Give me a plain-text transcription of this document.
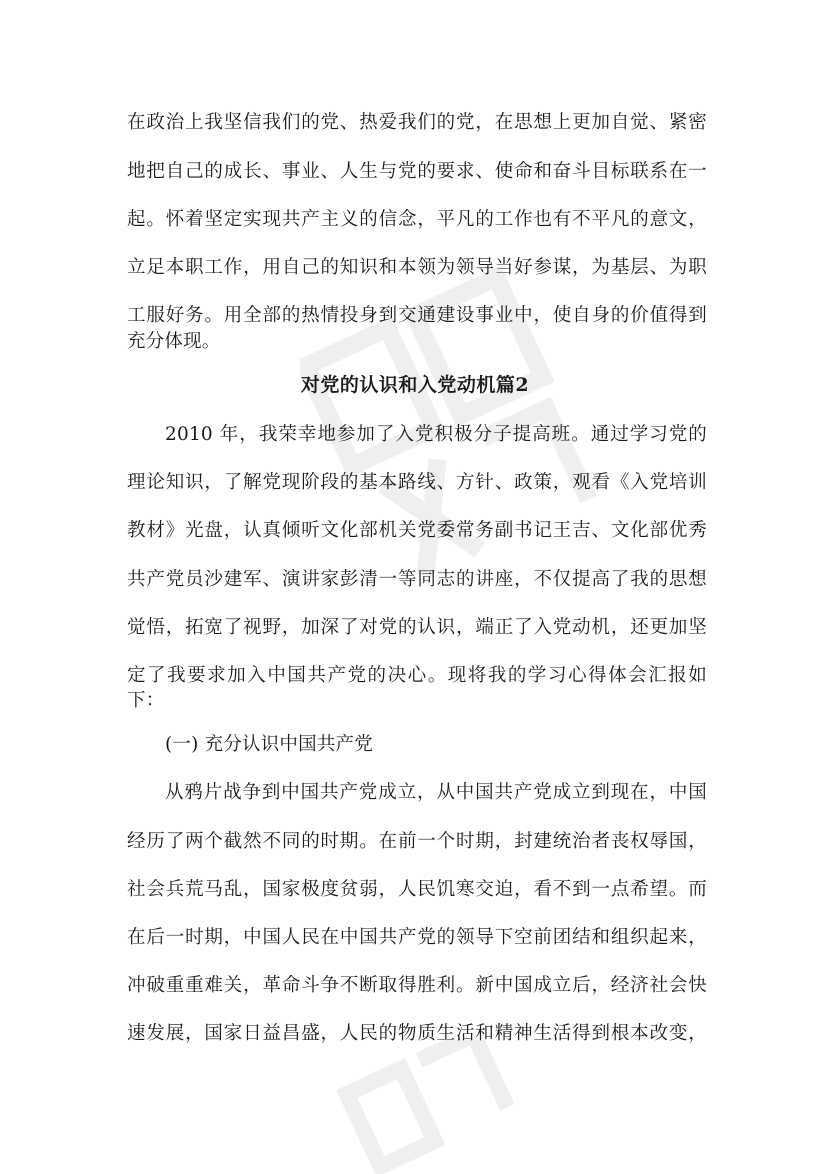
在政治上我坚信我们的党、热爱我们的党，在思想上更加自觉、紧密
地把自己的成长、事业、人生与党的要求、使命和奋斗目标联系在一
起。怀着坚定实现共产主义的信念，平凡的工作也有不平凡的意文，
立足本职工作，用自己的知识和本领为领导当好参谋，为基层、为职
工服好务。用全部的热情投身到交通建设事业中，使自身的价值得到
充分体现。
对党的认识和入党动机篇2
2010 年，我荣幸地参加了入党积极分子提高班。通过学习党的
理论知识，了解党现阶段的基本路线、方针、政策，观看《入党培训
教材》光盘，认真倾听文化部机关党委常务副书记王吉、文化部优秀
共产党员沙建军、演讲家彭清一等同志的讲座，不仅提高了我的思想
觉悟，拓宽了视野，加深了对党的认识，端正了入党动机，还更加坚
定了我要求加入中国共产党的决心。现将我的学习心得体会汇报如
下：
(一) 充分认识中国共产党
从鸦片战争到中国共产党成立，从中国共产党成立到现在，中国
经历了两个截然不同的时期。在前一个时期，封建统治者丧权辱国，
社会兵荒马乱，国家极度贫弱，人民饥寒交迫，看不到一点希望。而
在后一时期，中国人民在中国共产党的领导下空前团结和组织起来，
冲破重重难关，革命斗争不断取得胜利。新中国成立后，经济社会快
速发展，国家日益昌盛，人民的物质生活和精神生活得到根本改变，
